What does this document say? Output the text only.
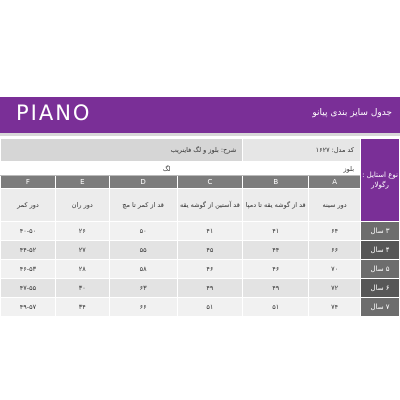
PIANO	جدول سایز بندی پیانو
شرح: بلوز و لگ فاینریب				کد مدل: ۱۶۲۷		نوع استایل :
رگولار

لگ			بلوز			
F	E	D	C	B	A	
دور کمر	دور ران	قد از کمر تا مچ	قد آستین از گوشه یقه	قد از گوشه یقه تا دمپا	دور سینه	
۴۰-۵۰	۲۶	۵۰	۴۱	۴۱	۶۴	۳ سال
۴۴-۵۲	۲۷	۵۵	۴۵	۴۴	۶۶	۴ سال
۴۶-۵۳	۲۸	۵۸	۴۶	۴۶	۷۰	۵ سال
۴۷-۵۵	۳۰	۶۳	۴۹	۴۹	۷۲	۶ سال
۴۹-۵۷	۳۴	۶۶	۵۱	۵۱	۷۴	۷ سال
